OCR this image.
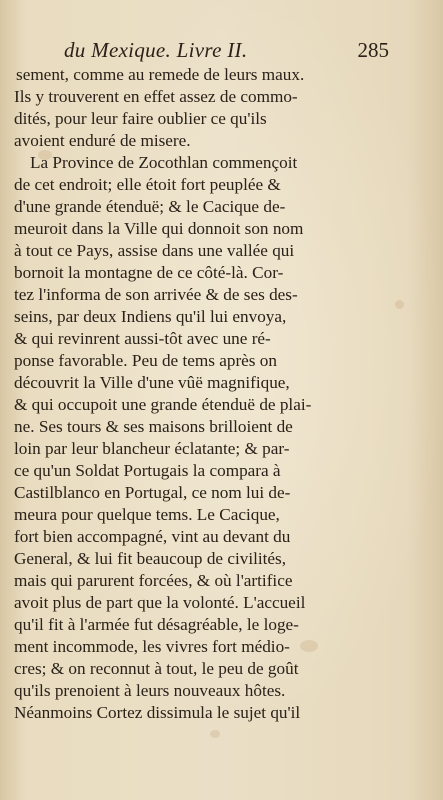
du Mexique. Livre II.	285
sement, comme au remede de leurs maux.
Ils y trouverent en effet assez de commo-
dités, pour leur faire oublier ce qu'ils
avoient enduré de misere.
La Province de Zocothlan commençoit
de cet endroit; elle étoit fort peuplée &
d'une grande étenduë; & le Cacique de-
meuroit dans la Ville qui donnoit son nom
à tout ce Pays, assise dans une vallée qui
bornoit la montagne de ce côté-là. Cor-
tez l'informa de son arrivée & de ses des-
seins, par deux Indiens qu'il lui envoya,
& qui revinrent aussi-tôt avec une ré-
ponse favorable. Peu de tems après on
découvrit la Ville d'une vûë magnifique,
& qui occupoit une grande étenduë de plai-
ne. Ses tours & ses maisons brilloient de
loin par leur blancheur éclatante; & par-
ce qu'un Soldat Portugais la compara à
Castilblanco en Portugal, ce nom lui de-
meura pour quelque tems. Le Cacique,
fort bien accompagné, vint au devant du
General, & lui fit beaucoup de civilités,
mais qui parurent forcées, & où l'artifice
avoit plus de part que la volonté. L'accueil
qu'il fit à l'armée fut désagréable, le loge-
ment incommode, les vivres fort médio-
cres; & on reconnut à tout, le peu de goût
qu'ils prenoient à leurs nouveaux hôtes.
Néanmoins Cortez dissimula le sujet qu'il
